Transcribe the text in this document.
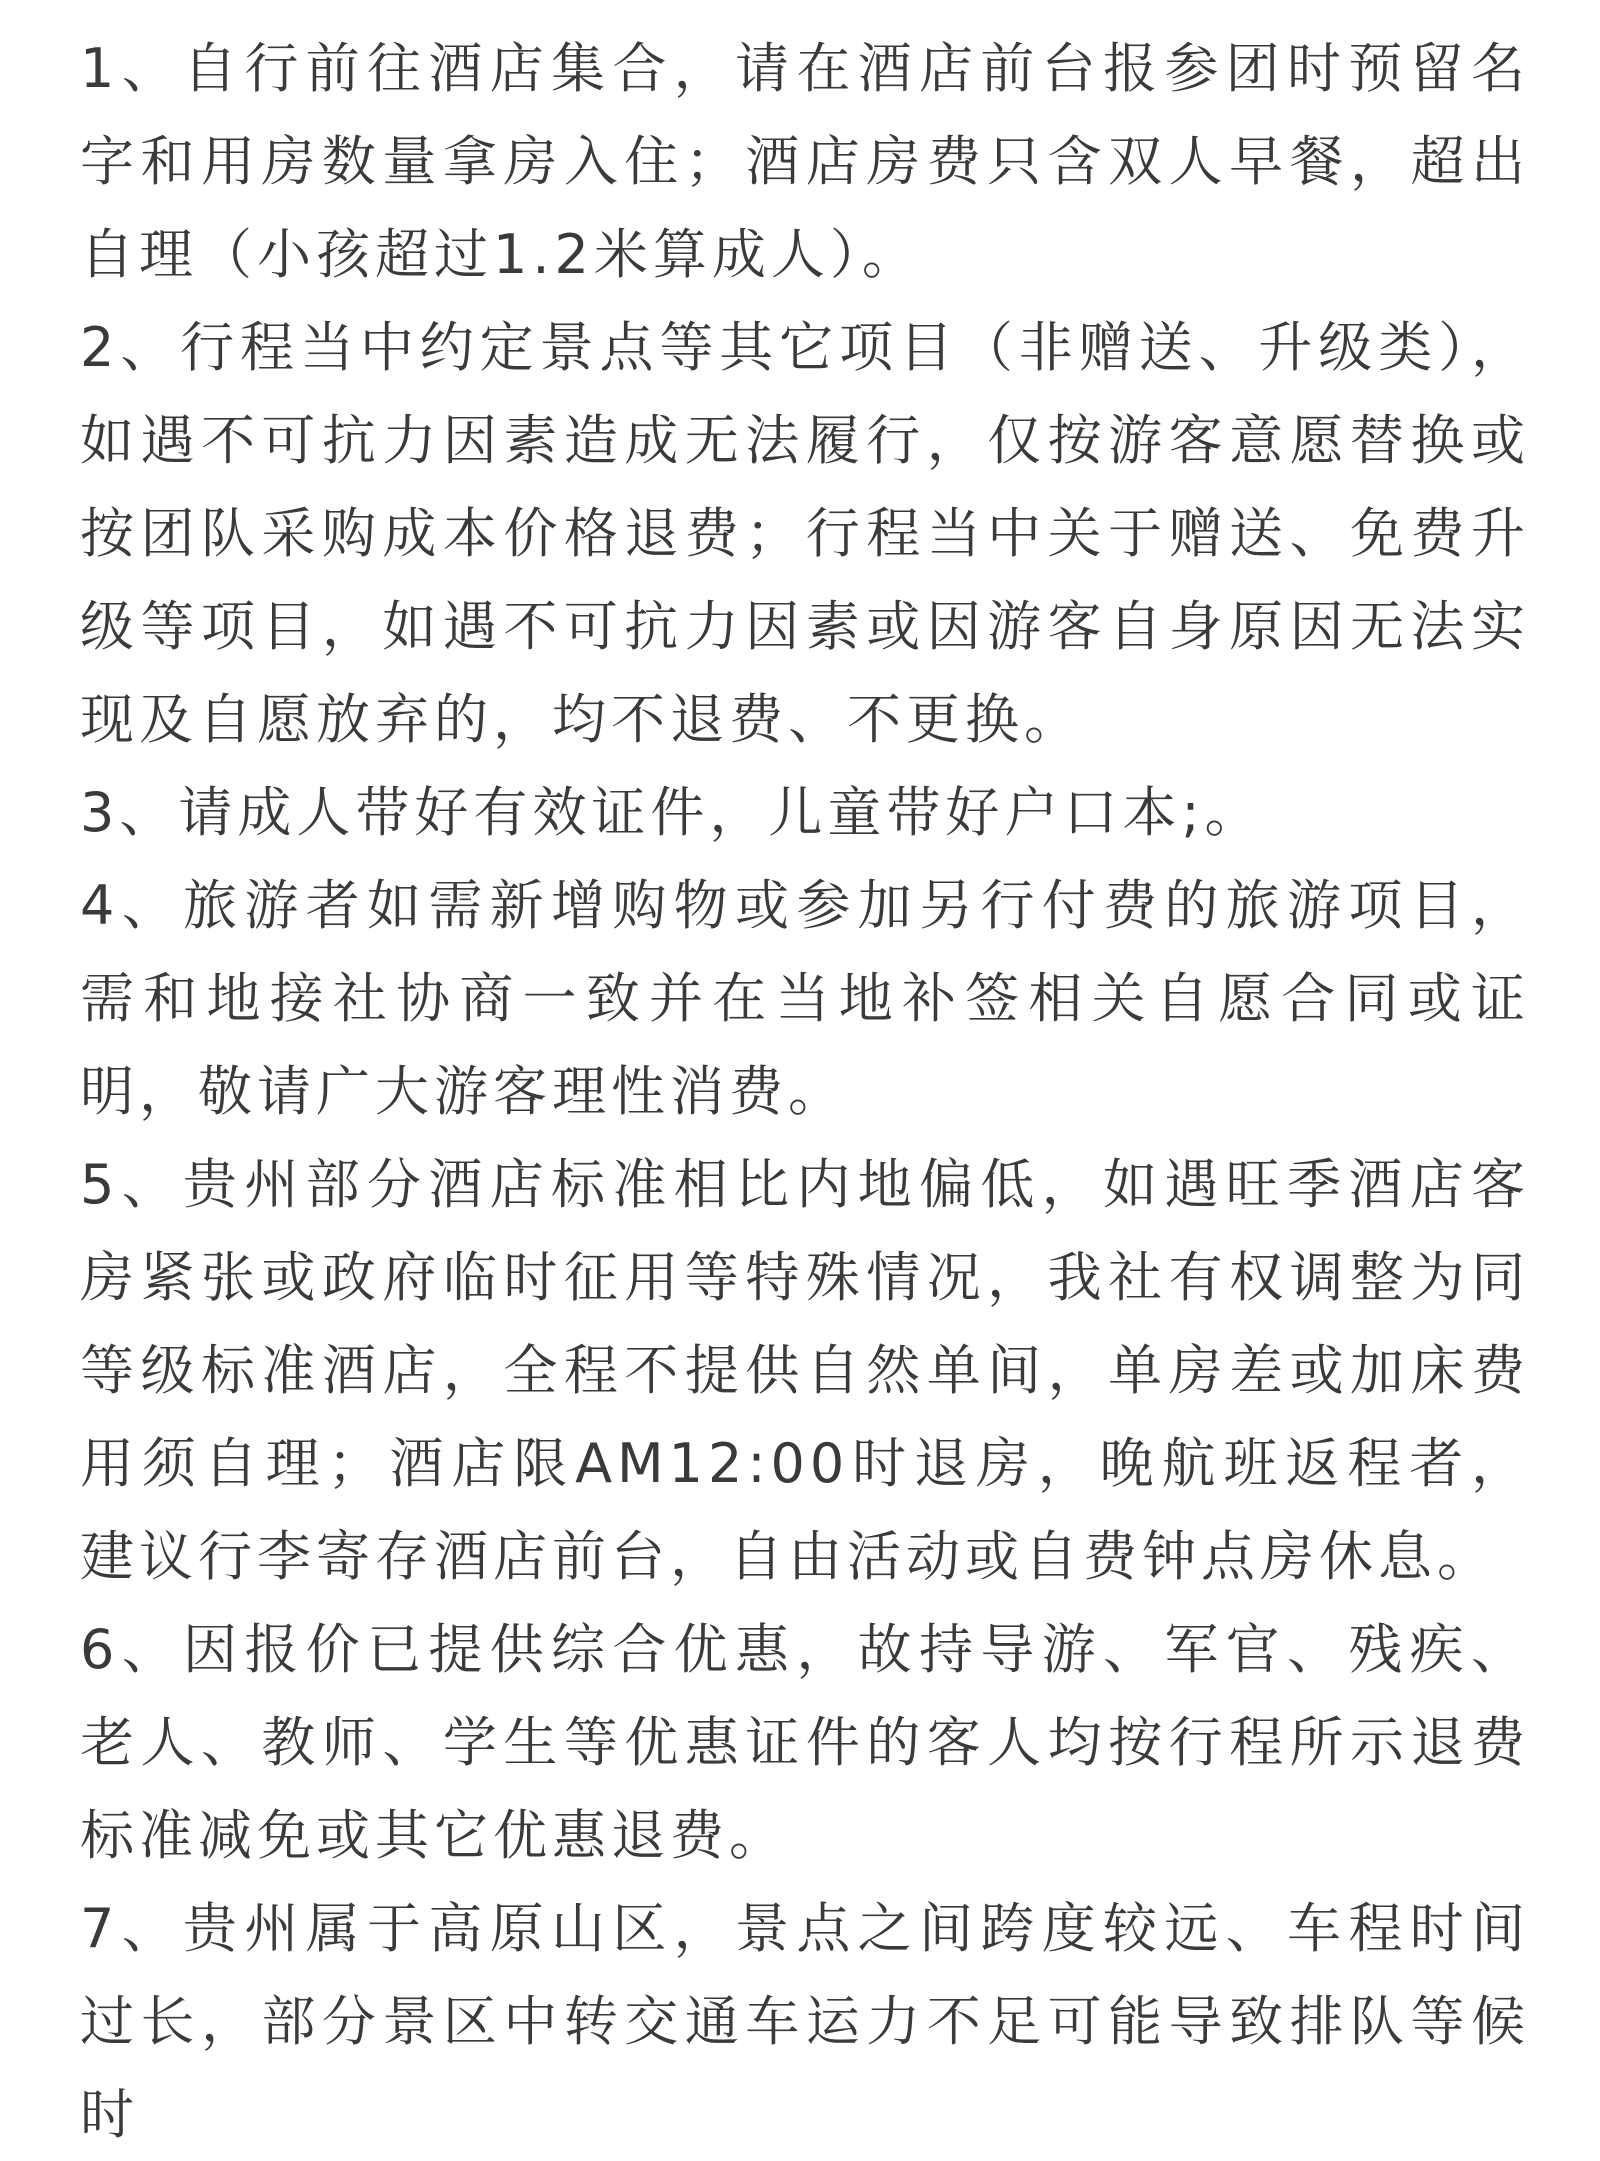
1、自行前往酒店集合，请在酒店前台报参团时预留名字和用房数量拿房入住；酒店房费只含双人早餐，超出自理（小孩超过1.2米算成人）。

2、行程当中约定景点等其它项目（非赠送、升级类），如遇不可抗力因素造成无法履行，仅按游客意愿替换或按团队采购成本价格退费；行程当中关于赠送、免费升级等项目，如遇不可抗力因素或因游客自身原因无法实现及自愿放弃的，均不退费、不更换。

3、请成人带好有效证件，儿童带好户口本;。

4、旅游者如需新增购物或参加另行付费的旅游项目，需和地接社协商一致并在当地补签相关自愿合同或证明，敬请广大游客理性消费。

5、贵州部分酒店标准相比内地偏低，如遇旺季酒店客房紧张或政府临时征用等特殊情况，我社有权调整为同等级标准酒店，全程不提供自然单间，单房差或加床费用须自理；酒店限AM12:00时退房，晚航班返程者，建议行李寄存酒店前台，自由活动或自费钟点房休息。

6、因报价已提供综合优惠，故持导游、军官、残疾、老人、教师、学生等优惠证件的客人均按行程所示退费标准减免或其它优惠退费。

7、贵州属于高原山区，景点之间跨度较远、车程时间过长，部分景区中转交通车运力不足可能导致排队等候时
